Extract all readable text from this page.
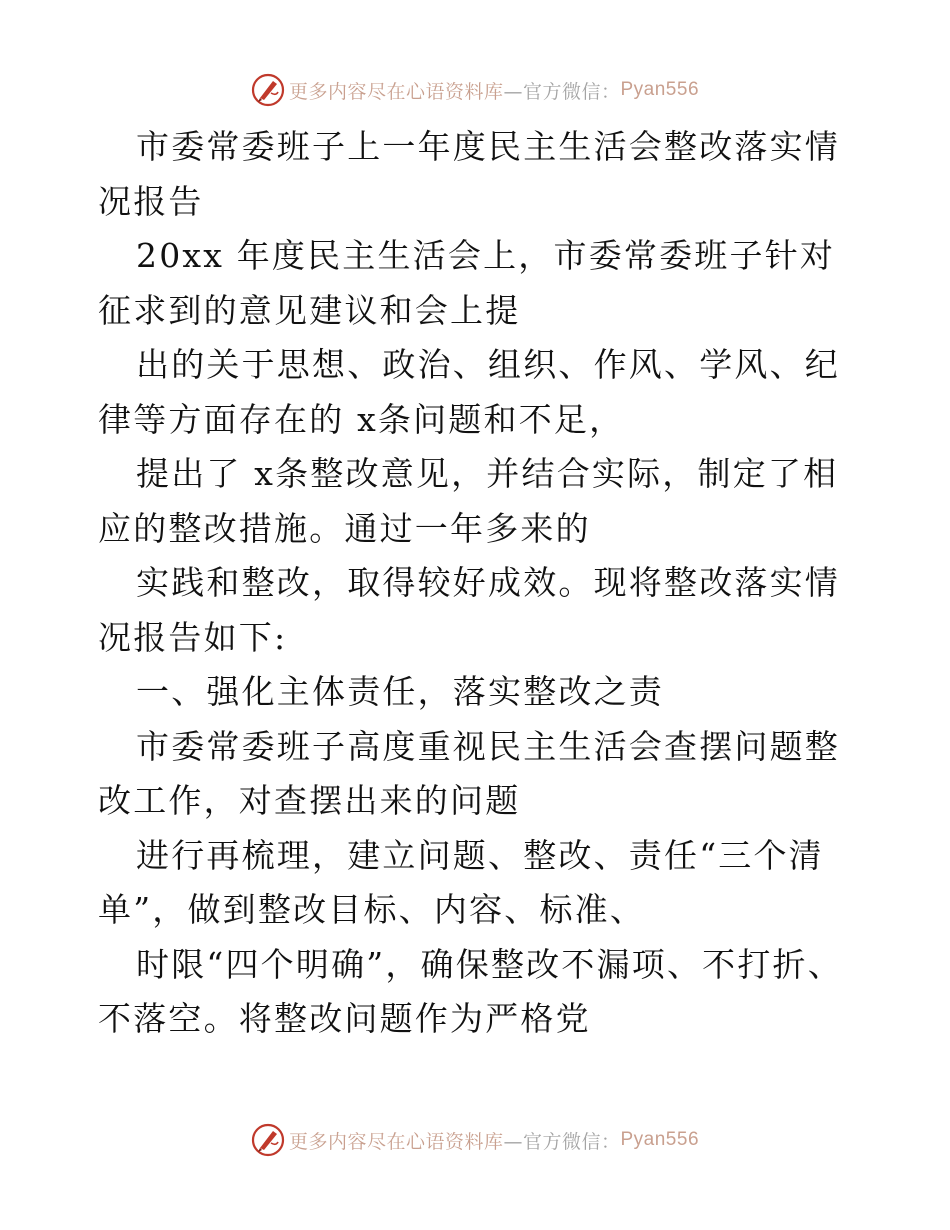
更多内容尽在心语资料库 —官方微信： Pyan556

市委常委班子上一年度民主生活会整改落实情况报告

20xx 年度民主生活会上，市委常委班子针对征求到的意见建议和会上提

出的关于思想、政治、组织、作风、学风、纪律等方面存在的 x条问题和不足，

提出了 x条整改意见，并结合实际，制定了相应的整改措施。通过一年多来的

实践和整改，取得较好成效。现将整改落实情况报告如下:

一、强化主体责任，落实整改之责

市委常委班子高度重视民主生活会查摆问题整改工作，对查摆出来的问题

进行再梳理，建立问题、整改、责任“三个清单”，做到整改目标、内容、标准、

时限“四个明确”，确保整改不漏项、不打折、不落空。将整改问题作为严格党

更多内容尽在心语资料库 —官方微信： Pyan556
